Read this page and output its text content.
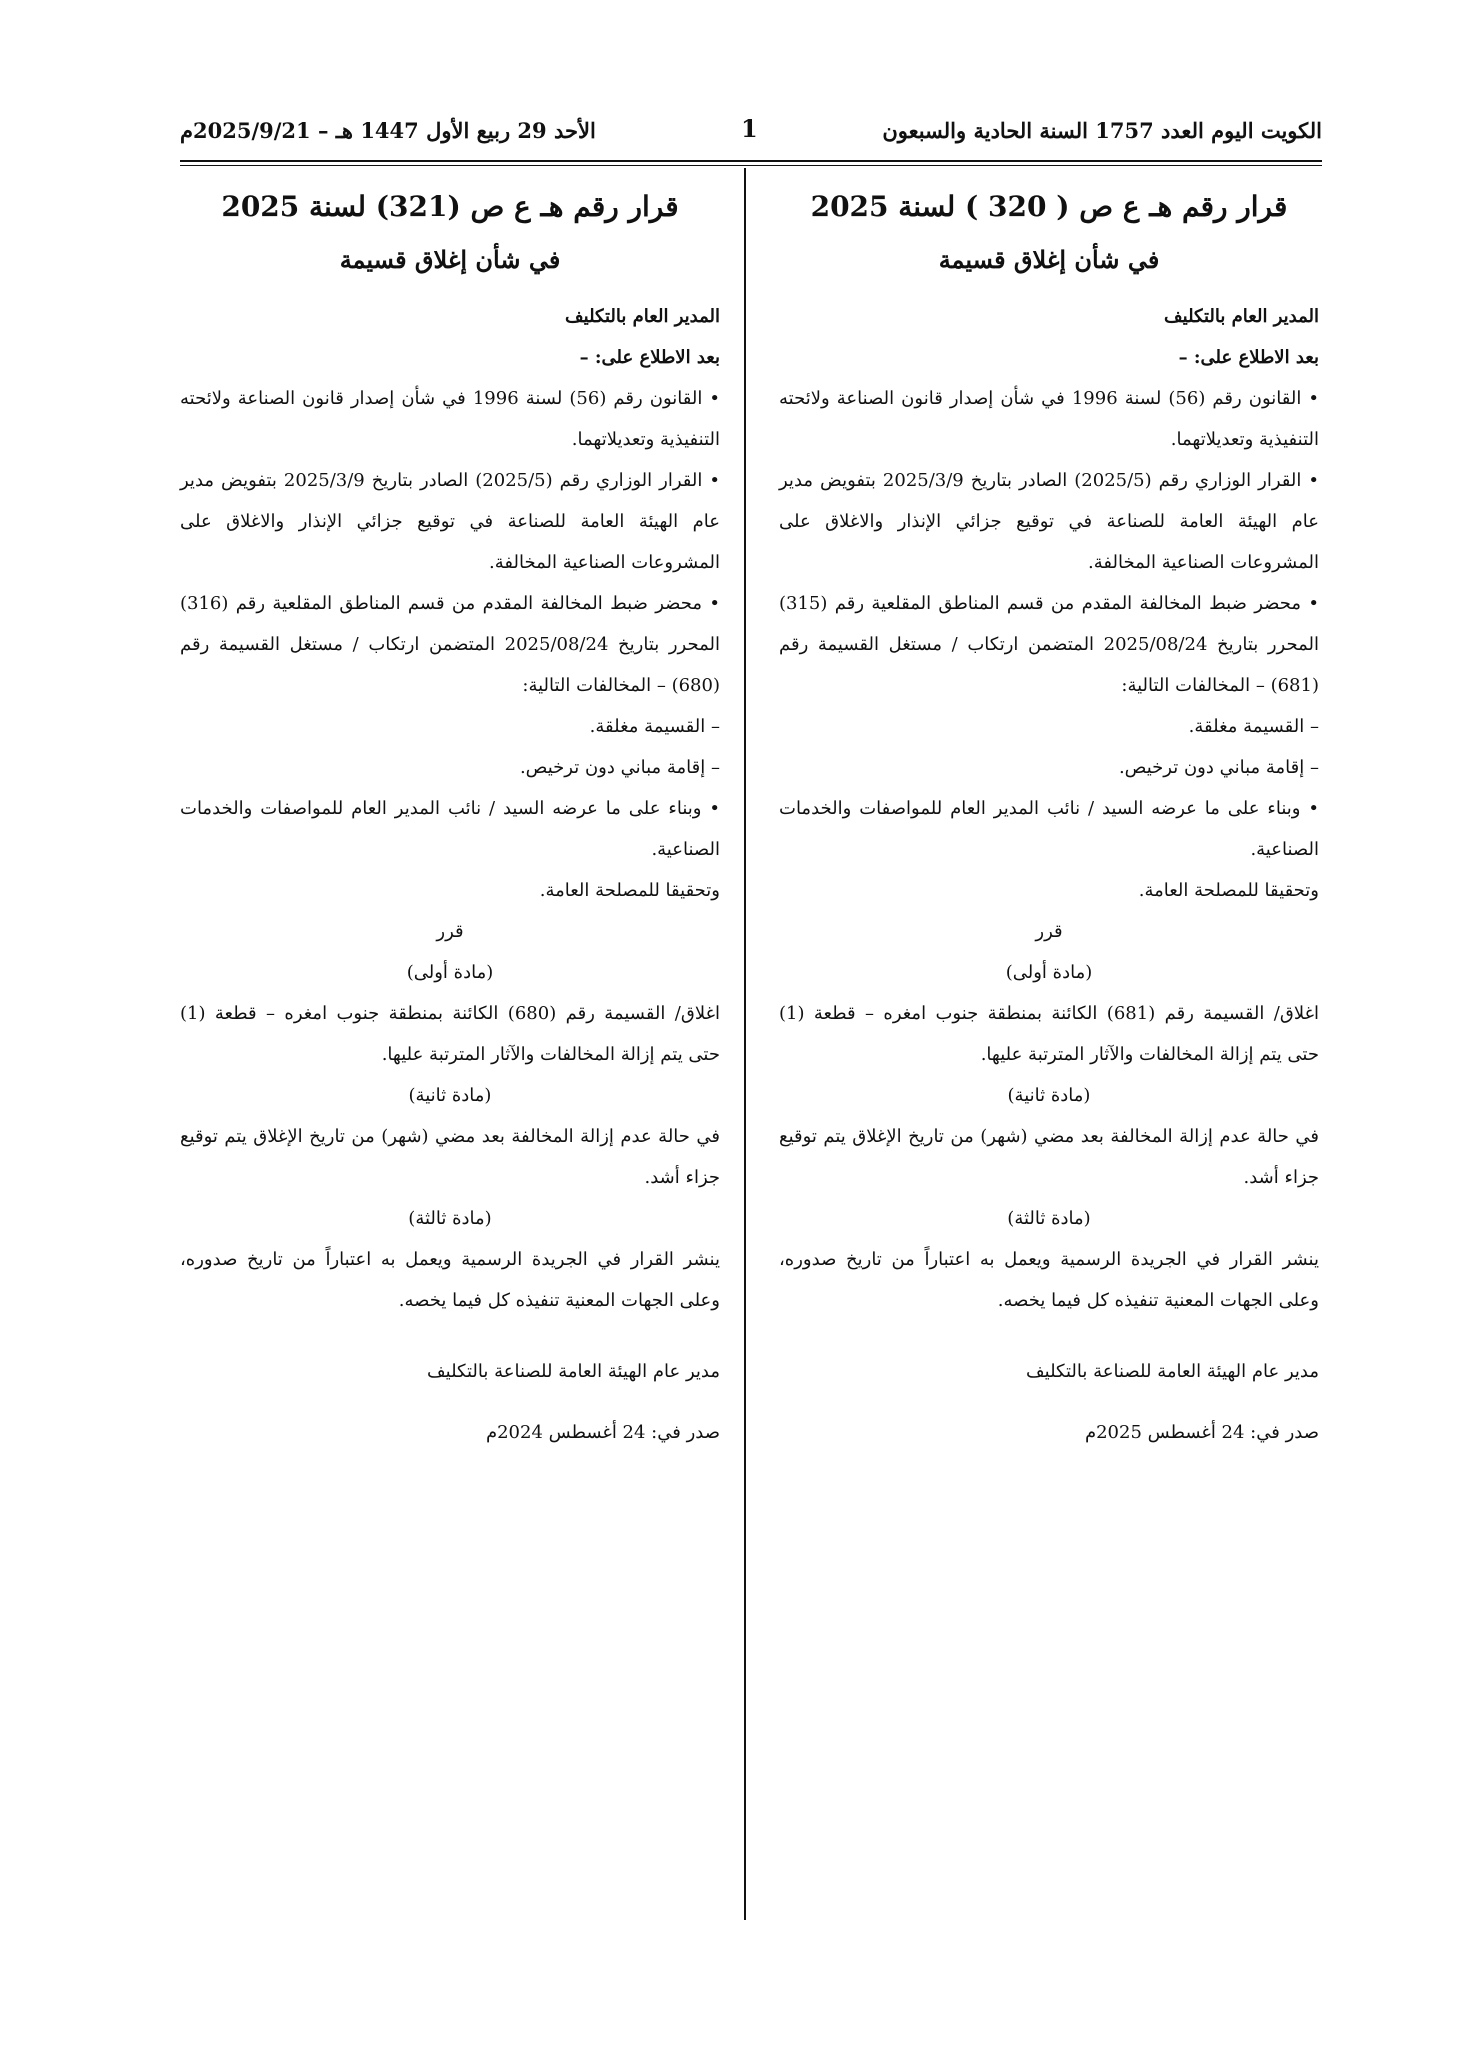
الكويت اليوم العدد 1757 السنة الحادية والسبعون
1
الأحد 29 ربيع الأول 1447 هـ – 2025/9/21م
قرار رقم هـ ع ص ( 320 ) لسنة 2025
في شأن إغلاق قسيمة

المدير العام بالتكليف

بعد الاطلاع على: –

• القانون رقم (56) لسنة 1996 في شأن إصدار قانون الصناعة ولائحته التنفيذية وتعديلاتهما.

• القرار الوزاري رقم (2025/5) الصادر بتاريخ 2025/3/9 بتفويض مدير عام الهيئة العامة للصناعة في توقيع جزائي الإنذار والاغلاق على المشروعات الصناعية المخالفة.

• محضر ضبط المخالفة المقدم من قسم المناطق المقلعية رقم (315) المحرر بتاريخ 2025/08/24 المتضمن ارتكاب / مستغل القسيمة رقم (681) – المخالفات التالية:

– القسيمة مغلقة.

– إقامة مباني دون ترخيص.

• وبناء على ما عرضه السيد / نائب المدير العام للمواصفات والخدمات الصناعية.

وتحقيقا للمصلحة العامة.

قرر

(مادة أولى)

اغلاق/ القسيمة رقم (681) الكائنة بمنطقة جنوب امغره – قطعة (1) حتى يتم إزالة المخالفات والآثار المترتبة عليها.

(مادة ثانية)

في حالة عدم إزالة المخالفة بعد مضي (شهر) من تاريخ الإغلاق يتم توقيع جزاء أشد.

(مادة ثالثة)

ينشر القرار في الجريدة الرسمية ويعمل به اعتباراً من تاريخ صدوره، وعلى الجهات المعنية تنفيذه كل فيما يخصه.

مدير عام الهيئة العامة للصناعة بالتكليف

صدر في: 24 أغسطس 2025م

قرار رقم هـ ع ص (321) لسنة 2025
في شأن إغلاق قسيمة

المدير العام بالتكليف

بعد الاطلاع على: –

• القانون رقم (56) لسنة 1996 في شأن إصدار قانون الصناعة ولائحته التنفيذية وتعديلاتهما.

• القرار الوزاري رقم (2025/5) الصادر بتاريخ 2025/3/9 بتفويض مدير عام الهيئة العامة للصناعة في توقيع جزائي الإنذار والاغلاق على المشروعات الصناعية المخالفة.

• محضر ضبط المخالفة المقدم من قسم المناطق المقلعية رقم (316) المحرر بتاريخ 2025/08/24 المتضمن ارتكاب / مستغل القسيمة رقم (680) – المخالفات التالية:

– القسيمة مغلقة.

– إقامة مباني دون ترخيص.

• وبناء على ما عرضه السيد / نائب المدير العام للمواصفات والخدمات الصناعية.

وتحقيقا للمصلحة العامة.

قرر

(مادة أولى)

اغلاق/ القسيمة رقم (680) الكائنة بمنطقة جنوب امغره – قطعة (1) حتى يتم إزالة المخالفات والآثار المترتبة عليها.

(مادة ثانية)

في حالة عدم إزالة المخالفة بعد مضي (شهر) من تاريخ الإغلاق يتم توقيع جزاء أشد.

(مادة ثالثة)

ينشر القرار في الجريدة الرسمية ويعمل به اعتباراً من تاريخ صدوره، وعلى الجهات المعنية تنفيذه كل فيما يخصه.

مدير عام الهيئة العامة للصناعة بالتكليف

صدر في: 24 أغسطس 2024م
